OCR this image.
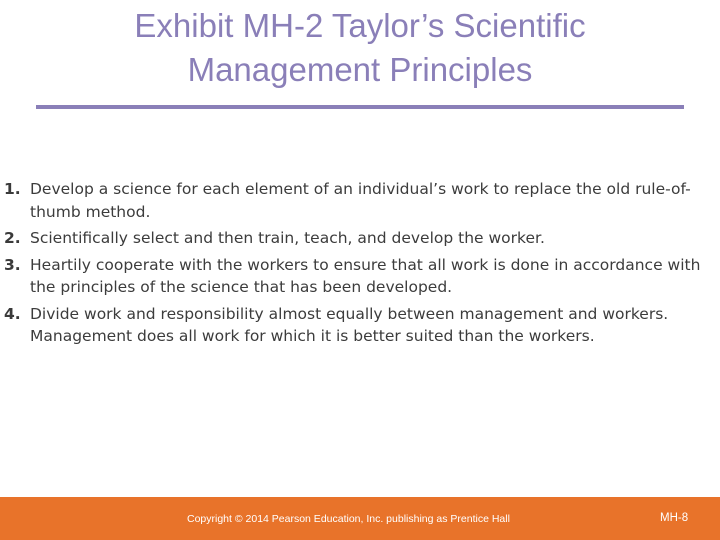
Exhibit MH-2 Taylor’s Scientific
Management Principles
1. Develop a science for each element of an individual’s work to replace the old rule-of-thumb method.
2. Scientifically select and then train, teach, and develop the worker.
3. Heartily cooperate with the workers to ensure that all work is done in accordance with the principles of the science that has been developed.
4. Divide work and responsibility almost equally between management and workers. Management does all work for which it is better suited than the workers.
Copyright © 2014 Pearson Education, Inc. publishing as Prentice Hall	MH-8
